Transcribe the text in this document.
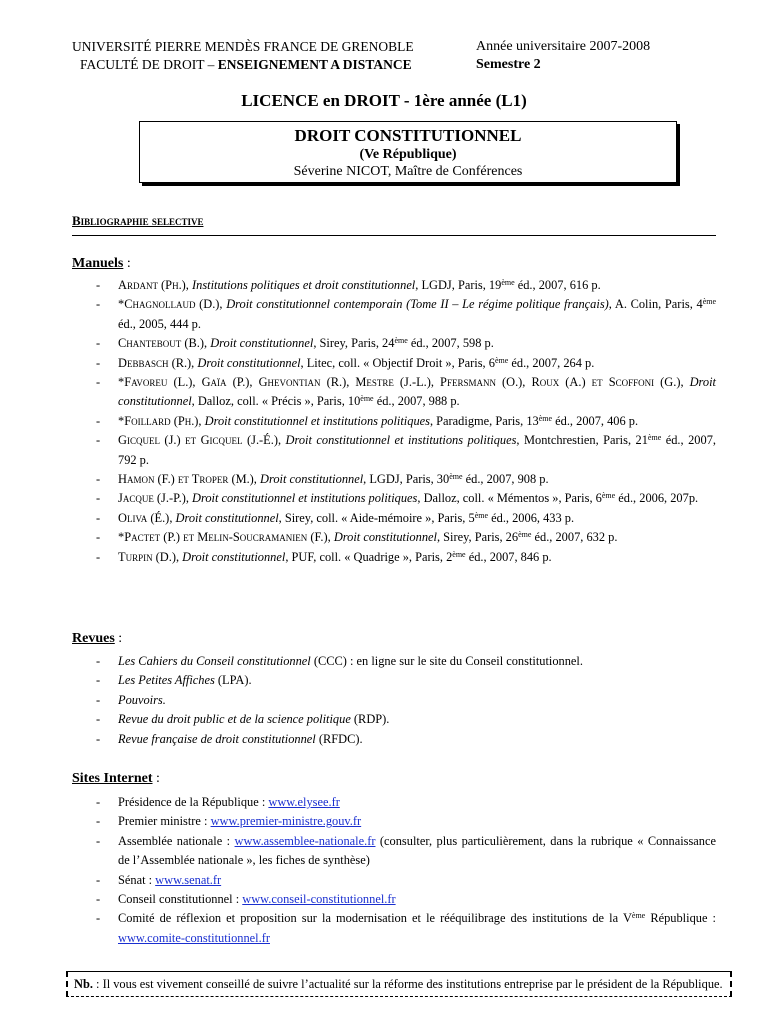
UNIVERSITÉ PIERRE MENDÈS FRANCE DE GRENOBLE
FACULTÉ DE DROIT – ENSEIGNEMENT A DISTANCE
Année universitaire 2007-2008
Semestre 2
LICENCE en DROIT - 1ère année (L1)
DROIT CONSTITUTIONNEL
(Ve République)
Séverine NICOT, Maître de Conférences
Bibliographie selective
Manuels :
- Ardant (Ph.), Institutions politiques et droit constitutionnel, LGDJ, Paris, 19ème éd., 2007, 616 p.
- *Chagnollaud (D.), Droit constitutionnel contemporain (Tome II – Le régime politique français), A. Colin, Paris, 4ème éd., 2005, 444 p.
- Chantebout (B.), Droit constitutionnel, Sirey, Paris, 24ème éd., 2007, 598 p.
- Debbasch (R.), Droit constitutionnel, Litec, coll. « Objectif Droit », Paris, 6ème éd., 2007, 264 p.
- *Favoreu (L.), Gaïa (P.), Ghevontian (R.), Mestre (J.-L.), Pfersmann (O.), Roux (A.) et Scoffoni (G.), Droit constitutionnel, Dalloz, coll. « Précis », Paris, 10ème éd., 2007, 988 p.
- *Foillard (Ph.), Droit constitutionnel et institutions politiques, Paradigme, Paris, 13ème éd., 2007, 406 p.
- Gicquel (J.) et Gicquel (J.-É.), Droit constitutionnel et institutions politiques, Montchrestien, Paris, 21ème éd., 2007, 792 p.
- Hamon (F.) et Troper (M.), Droit constitutionnel, LGDJ, Paris, 30ème éd., 2007, 908 p.
- Jacque (J.-P.), Droit constitutionnel et institutions politiques, Dalloz, coll. « Mémentos », Paris, 6ème éd., 2006, 207p.
- Oliva (É.), Droit constitutionnel, Sirey, coll. « Aide-mémoire », Paris, 5ème éd., 2006, 433 p.
- *Pactet (P.) et Melin-Soucramanien (F.), Droit constitutionnel, Sirey, Paris, 26ème éd., 2007, 632 p.
- Turpin (D.), Droit constitutionnel, PUF, coll. « Quadrige », Paris, 2ème éd., 2007, 846 p.
Revues :
- Les Cahiers du Conseil constitutionnel (CCC) : en ligne sur le site du Conseil constitutionnel.
- Les Petites Affiches (LPA).
- Pouvoirs.
- Revue du droit public et de la science politique (RDP).
- Revue française de droit constitutionnel (RFDC).
Sites Internet :
- Présidence de la République : www.elysee.fr
- Premier ministre : www.premier-ministre.gouv.fr
- Assemblée nationale : www.assemblee-nationale.fr (consulter, plus particulièrement, dans la rubrique « Connaissance de l’Assemblée nationale », les fiches de synthèse)
- Sénat : www.senat.fr
- Conseil constitutionnel : www.conseil-constitutionnel.fr
- Comité de réflexion et proposition sur la modernisation et le rééquilibrage des institutions de la Vème République : www.comite-constitutionnel.fr
Nb. : Il vous est vivement conseillé de suivre l’actualité sur la réforme des institutions entreprise par le président de la République.
